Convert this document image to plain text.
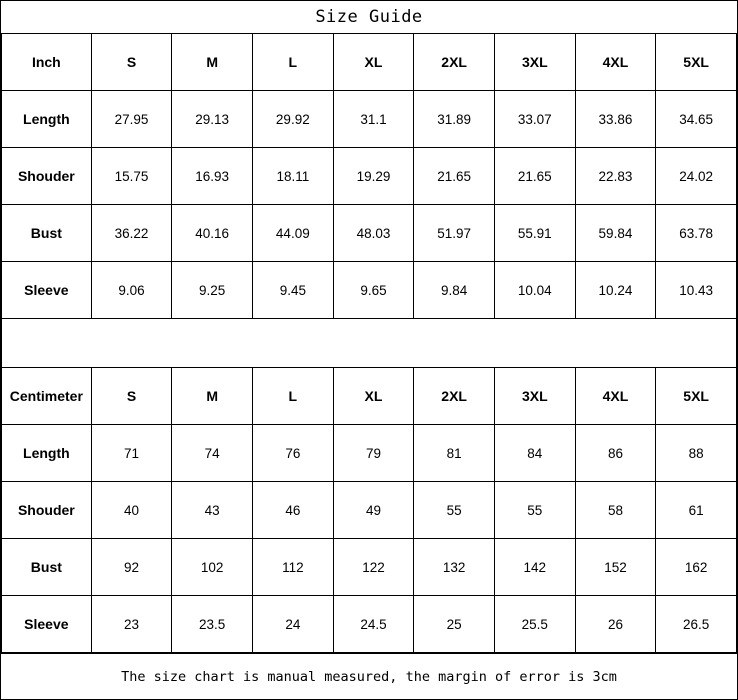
Size Guide
Inch	S	M	L	XL	2XL	3XL	4XL	5XL
Length	27.95	29.13	29.92	31.1	31.89	33.07	33.86	34.65
Shouder	15.75	16.93	18.11	19.29	21.65	21.65	22.83	24.02
Bust	36.22	40.16	44.09	48.03	51.97	55.91	59.84	63.78
Sleeve	9.06	9.25	9.45	9.65	9.84	10.04	10.24	10.43
Centimeter	S	M	L	XL	2XL	3XL	4XL	5XL
Length	71	74	76	79	81	84	86	88
Shouder	40	43	46	49	55	55	58	61
Bust	92	102	112	122	132	142	152	162
Sleeve	23	23.5	24	24.5	25	25.5	26	26.5
The size chart is manual measured, the margin of error is 3cm
